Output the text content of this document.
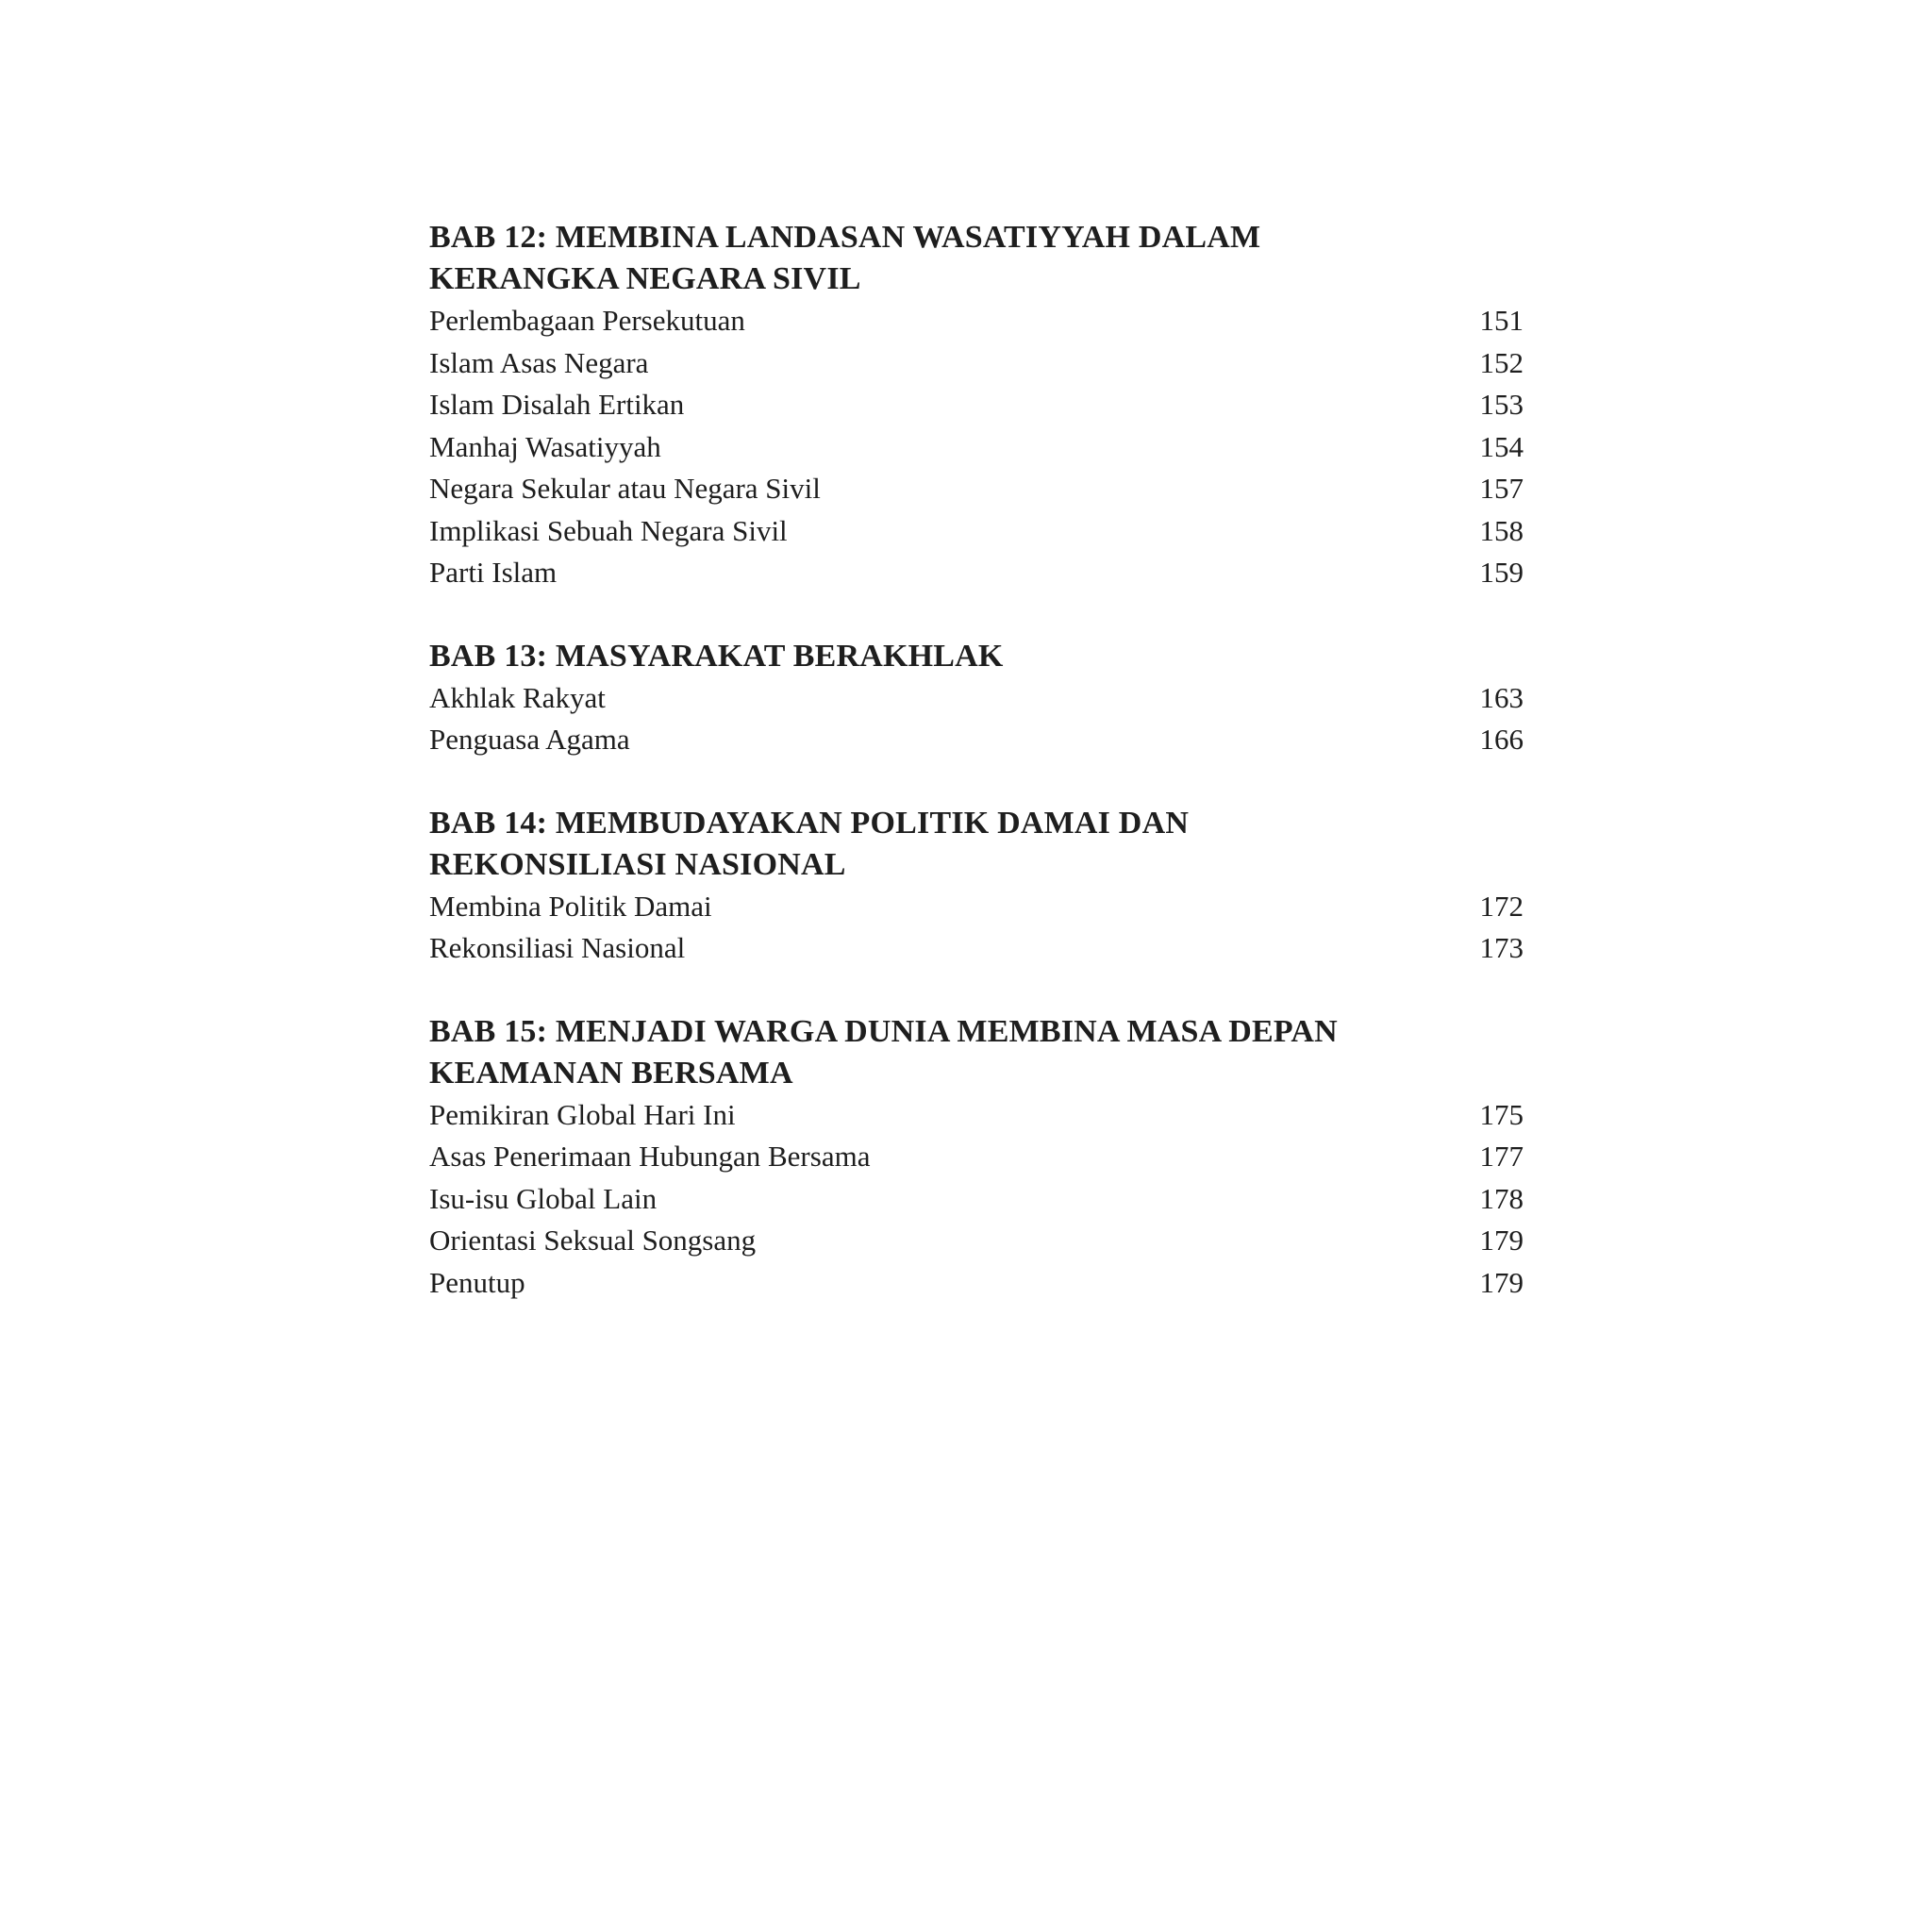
BAB 12: MEMBINA LANDASAN WASATIYYAH DALAM KERANGKA NEGARA SIVIL
Perlembagaan Persekutuan	151
Islam Asas Negara	152
Islam Disalah Ertikan	153
Manhaj Wasatiyyah	154
Negara Sekular atau Negara Sivil	157
Implikasi Sebuah Negara Sivil	158
Parti Islam	159
BAB 13: MASYARAKAT BERAKHLAK
Akhlak Rakyat	163
Penguasa Agama	166
BAB 14: MEMBUDAYAKAN POLITIK DAMAI DAN REKONSILIASI NASIONAL
Membina Politik Damai	172
Rekonsiliasi Nasional	173
BAB 15: MENJADI WARGA DUNIA MEMBINA MASA DEPAN KEAMANAN BERSAMA
Pemikiran Global Hari Ini	175
Asas Penerimaan Hubungan Bersama	177
Isu-isu Global Lain	178
Orientasi Seksual Songsang	179
Penutup	179
